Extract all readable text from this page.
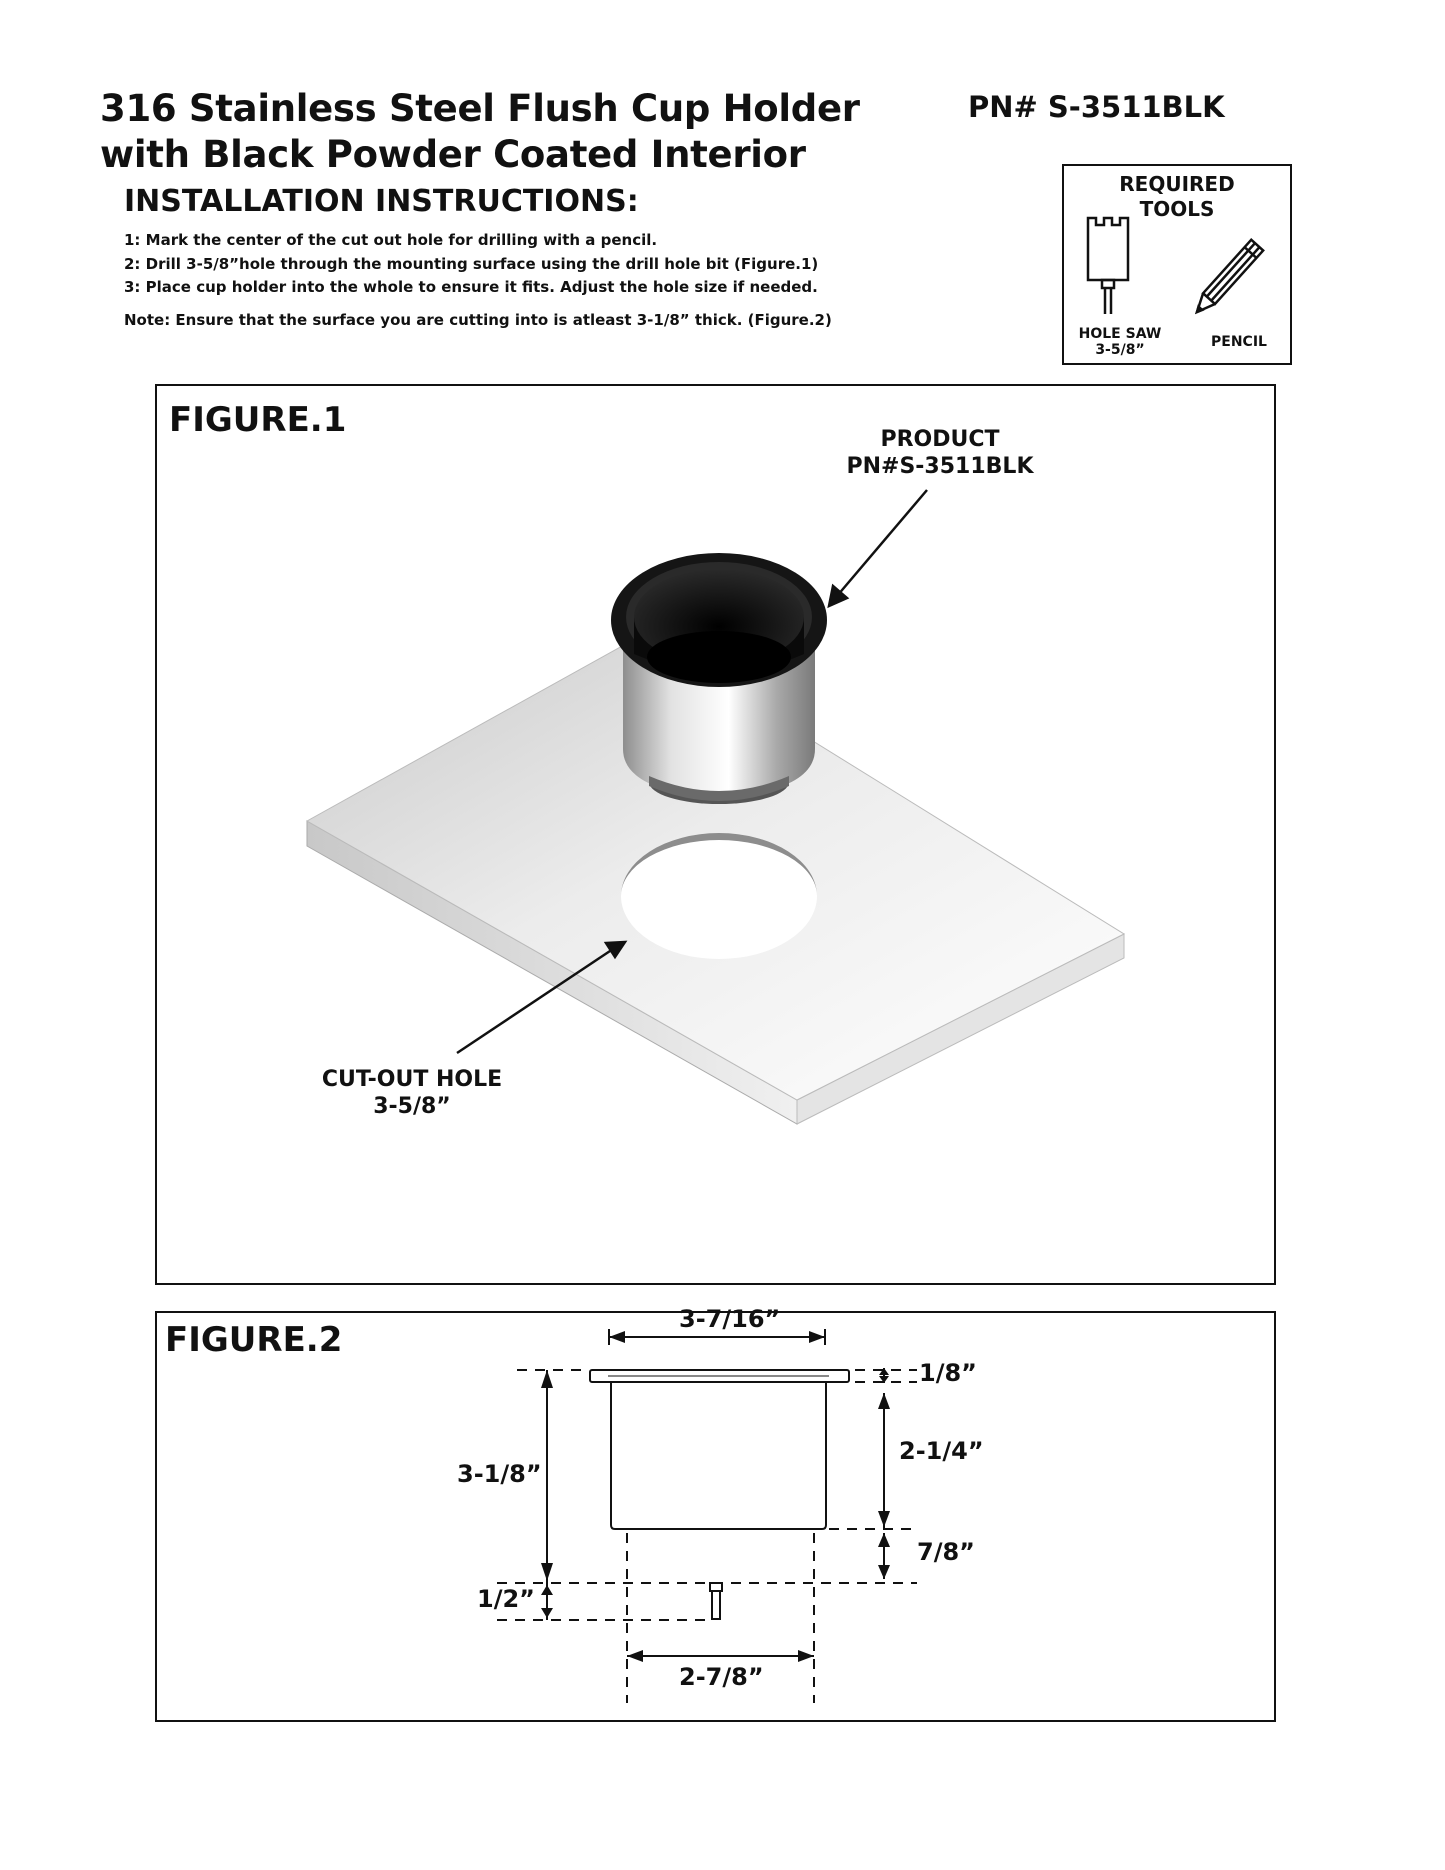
316 Stainless Steel Flush Cup Holder
with Black Powder Coated Interior
PN# S-3511BLK
INSTALLATION INSTRUCTIONS:
1: Mark the center of the cut out hole for drilling with a pencil.
2: Drill 3-5/8”hole through the mounting surface using the drill hole bit (Figure.1)
3: Place cup holder into the whole to ensure it fits. Adjust the hole size if needed.
Note: Ensure that the surface you are cutting into is atleast 3-1/8” thick. (Figure.2)
REQUIRED
TOOLS
HOLE SAW
3-5/8”	PENCIL
FIGURE.1	PRODUCT
PN#S-3511BLK
CUT-OUT HOLE
3-5/8”
FIGURE.2
3-7/16”
1/8”
2-1/4”
7/8”
3-1/8”
1/2”
2-7/8”
